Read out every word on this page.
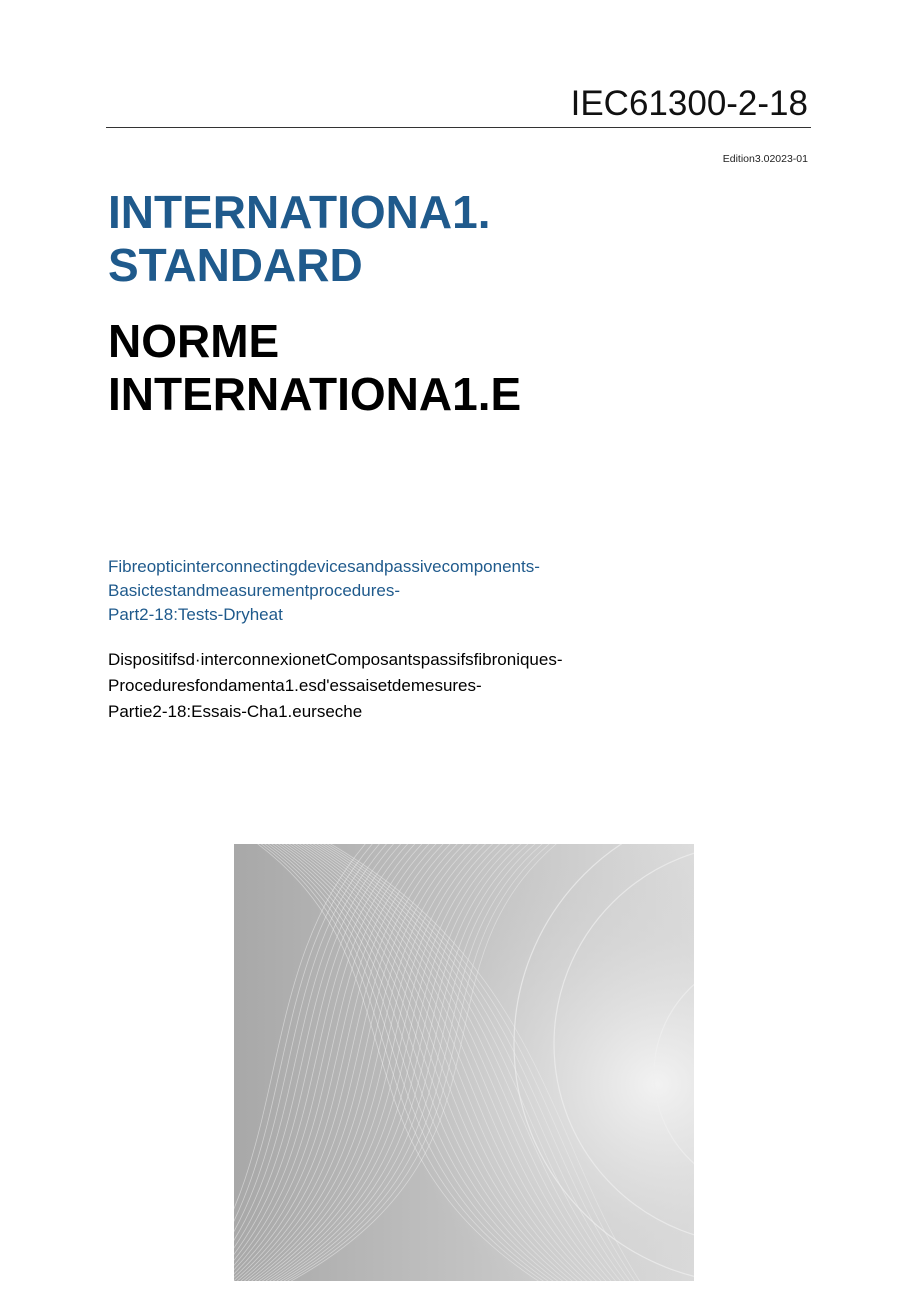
IEC61300-2-18
Edition3.02023-01
INTERNATIONA1.
STANDARD
NORME
INTERNATIONA1.E
Fibreopticinterconnectingdevicesandpassivecomponents-
Basictestandmeasurementprocedures-
Part2-18:Tests-Dryheat
Dispositifsd·interconnexionetComposantspassifsfibroniques-
Proceduresfondamenta1.esd'essaisetdemesures-
Partie2-18:Essais-Cha1.eurseche
